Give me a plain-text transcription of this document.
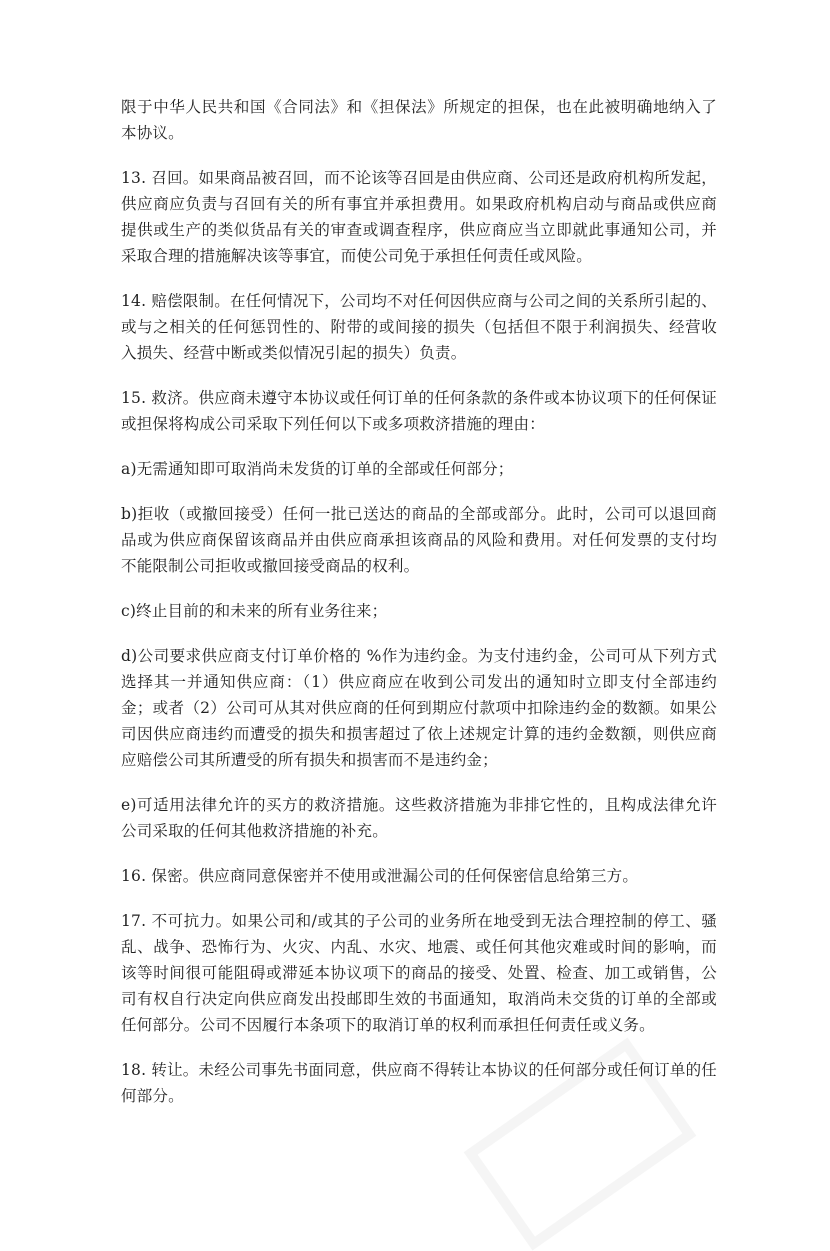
限于中华人民共和国《合同法》和《担保法》所规定的担保，也在此被明确地纳入了本协议。

13. 召回。如果商品被召回，而不论该等召回是由供应商、公司还是政府机构所发起，供应商应负责与召回有关的所有事宜并承担费用。如果政府机构启动与商品或供应商提供或生产的类似货品有关的审查或调查程序，供应商应当立即就此事通知公司，并采取合理的措施解决该等事宜，而使公司免于承担任何责任或风险。

14. 赔偿限制。在任何情况下，公司均不对任何因供应商与公司之间的关系所引起的、或与之相关的任何惩罚性的、附带的或间接的损失（包括但不限于利润损失、经营收入损失、经营中断或类似情况引起的损失）负责。

15. 救济。供应商未遵守本协议或任何订单的任何条款的条件或本协议项下的任何保证或担保将构成公司采取下列任何以下或多项救济措施的理由：

a)无需通知即可取消尚未发货的订单的全部或任何部分；

b)拒收（或撤回接受）任何一批已送达的商品的全部或部分。此时，公司可以退回商品或为供应商保留该商品并由供应商承担该商品的风险和费用。对任何发票的支付均不能限制公司拒收或撤回接受商品的权利。

c)终止目前的和未来的所有业务往来；

d)公司要求供应商支付订单价格的 %作为违约金。为支付违约金，公司可从下列方式选择其一并通知供应商：（1）供应商应在收到公司发出的通知时立即支付全部违约金；或者（2）公司可从其对供应商的任何到期应付款项中扣除违约金的数额。如果公司因供应商违约而遭受的损失和损害超过了依上述规定计算的违约金数额，则供应商应赔偿公司其所遭受的所有损失和损害而不是违约金；

e)可适用法律允许的买方的救济措施。这些救济措施为非排它性的，且构成法律允许公司采取的任何其他救济措施的补充。

16. 保密。供应商同意保密并不使用或泄漏公司的任何保密信息给第三方。

17. 不可抗力。如果公司和/或其的子公司的业务所在地受到无法合理控制的停工、骚乱、战争、恐怖行为、火灾、内乱、水灾、地震、或任何其他灾难或时间的影响，而该等时间很可能阻碍或滞延本协议项下的商品的接受、处置、检查、加工或销售，公司有权自行决定向供应商发出投邮即生效的书面通知，取消尚未交货的订单的全部或任何部分。公司不因履行本条项下的取消订单的权利而承担任何责任或义务。

18. 转让。未经公司事先书面同意，供应商不得转让本协议的任何部分或任何订单的任何部分。
